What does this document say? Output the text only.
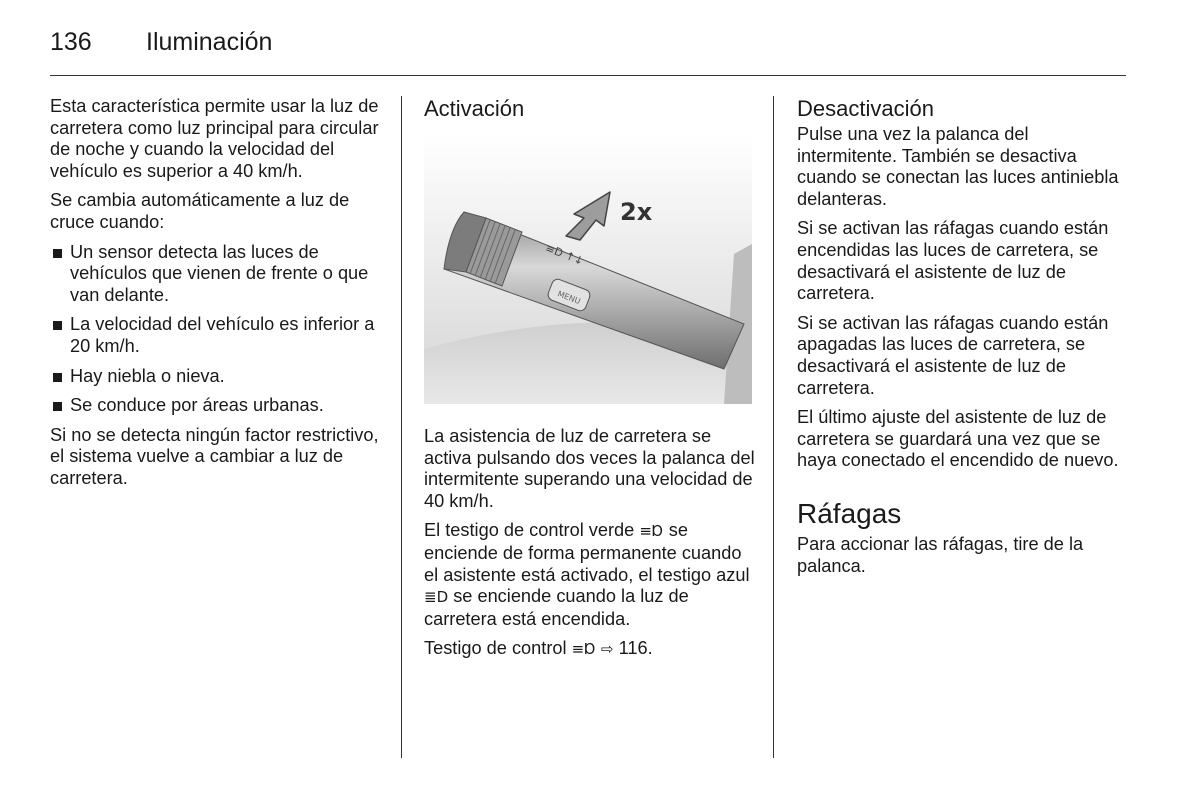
136	Iluminación

Esta característica permite usar la luz de carretera como luz principal para circular de noche y cuando la velocidad del vehículo es superior a 40 km/h.

Se cambia automáticamente a luz de cruce cuando:

Un sensor detecta las luces de vehículos que vienen de frente o que van delante.
La velocidad del vehículo es inferior a 20 km/h.
Hay niebla o nieva.
Se conduce por áreas urbanas.

Si no se detecta ningún factor restrictivo, el sistema vuelve a cambiar a luz de carretera.

Activación
MENU
≡D ↑↓
2x

La asistencia de luz de carretera se activa pulsando dos veces la palanca del intermitente superando una velocidad de 40 km/h.

El testigo de control verde ≡Ɒ se enciende de forma permanente cuando el asistente está activado, el testigo azul ≣D se enciende cuando la luz de carretera está encendida.

Testigo de control ≡Ɒ ⇨ 116.

Desactivación

Pulse una vez la palanca del intermitente. También se desactiva cuando se conectan las luces antiniebla delanteras.

Si se activan las ráfagas cuando están encendidas las luces de carretera, se desactivará el asistente de luz de carretera.

Si se activan las ráfagas cuando están apagadas las luces de carretera, se desactivará el asistente de luz de carretera.

El último ajuste del asistente de luz de carretera se guardará una vez que se haya conectado el encendido de nuevo.

Ráfagas

Para accionar las ráfagas, tire de la palanca.
